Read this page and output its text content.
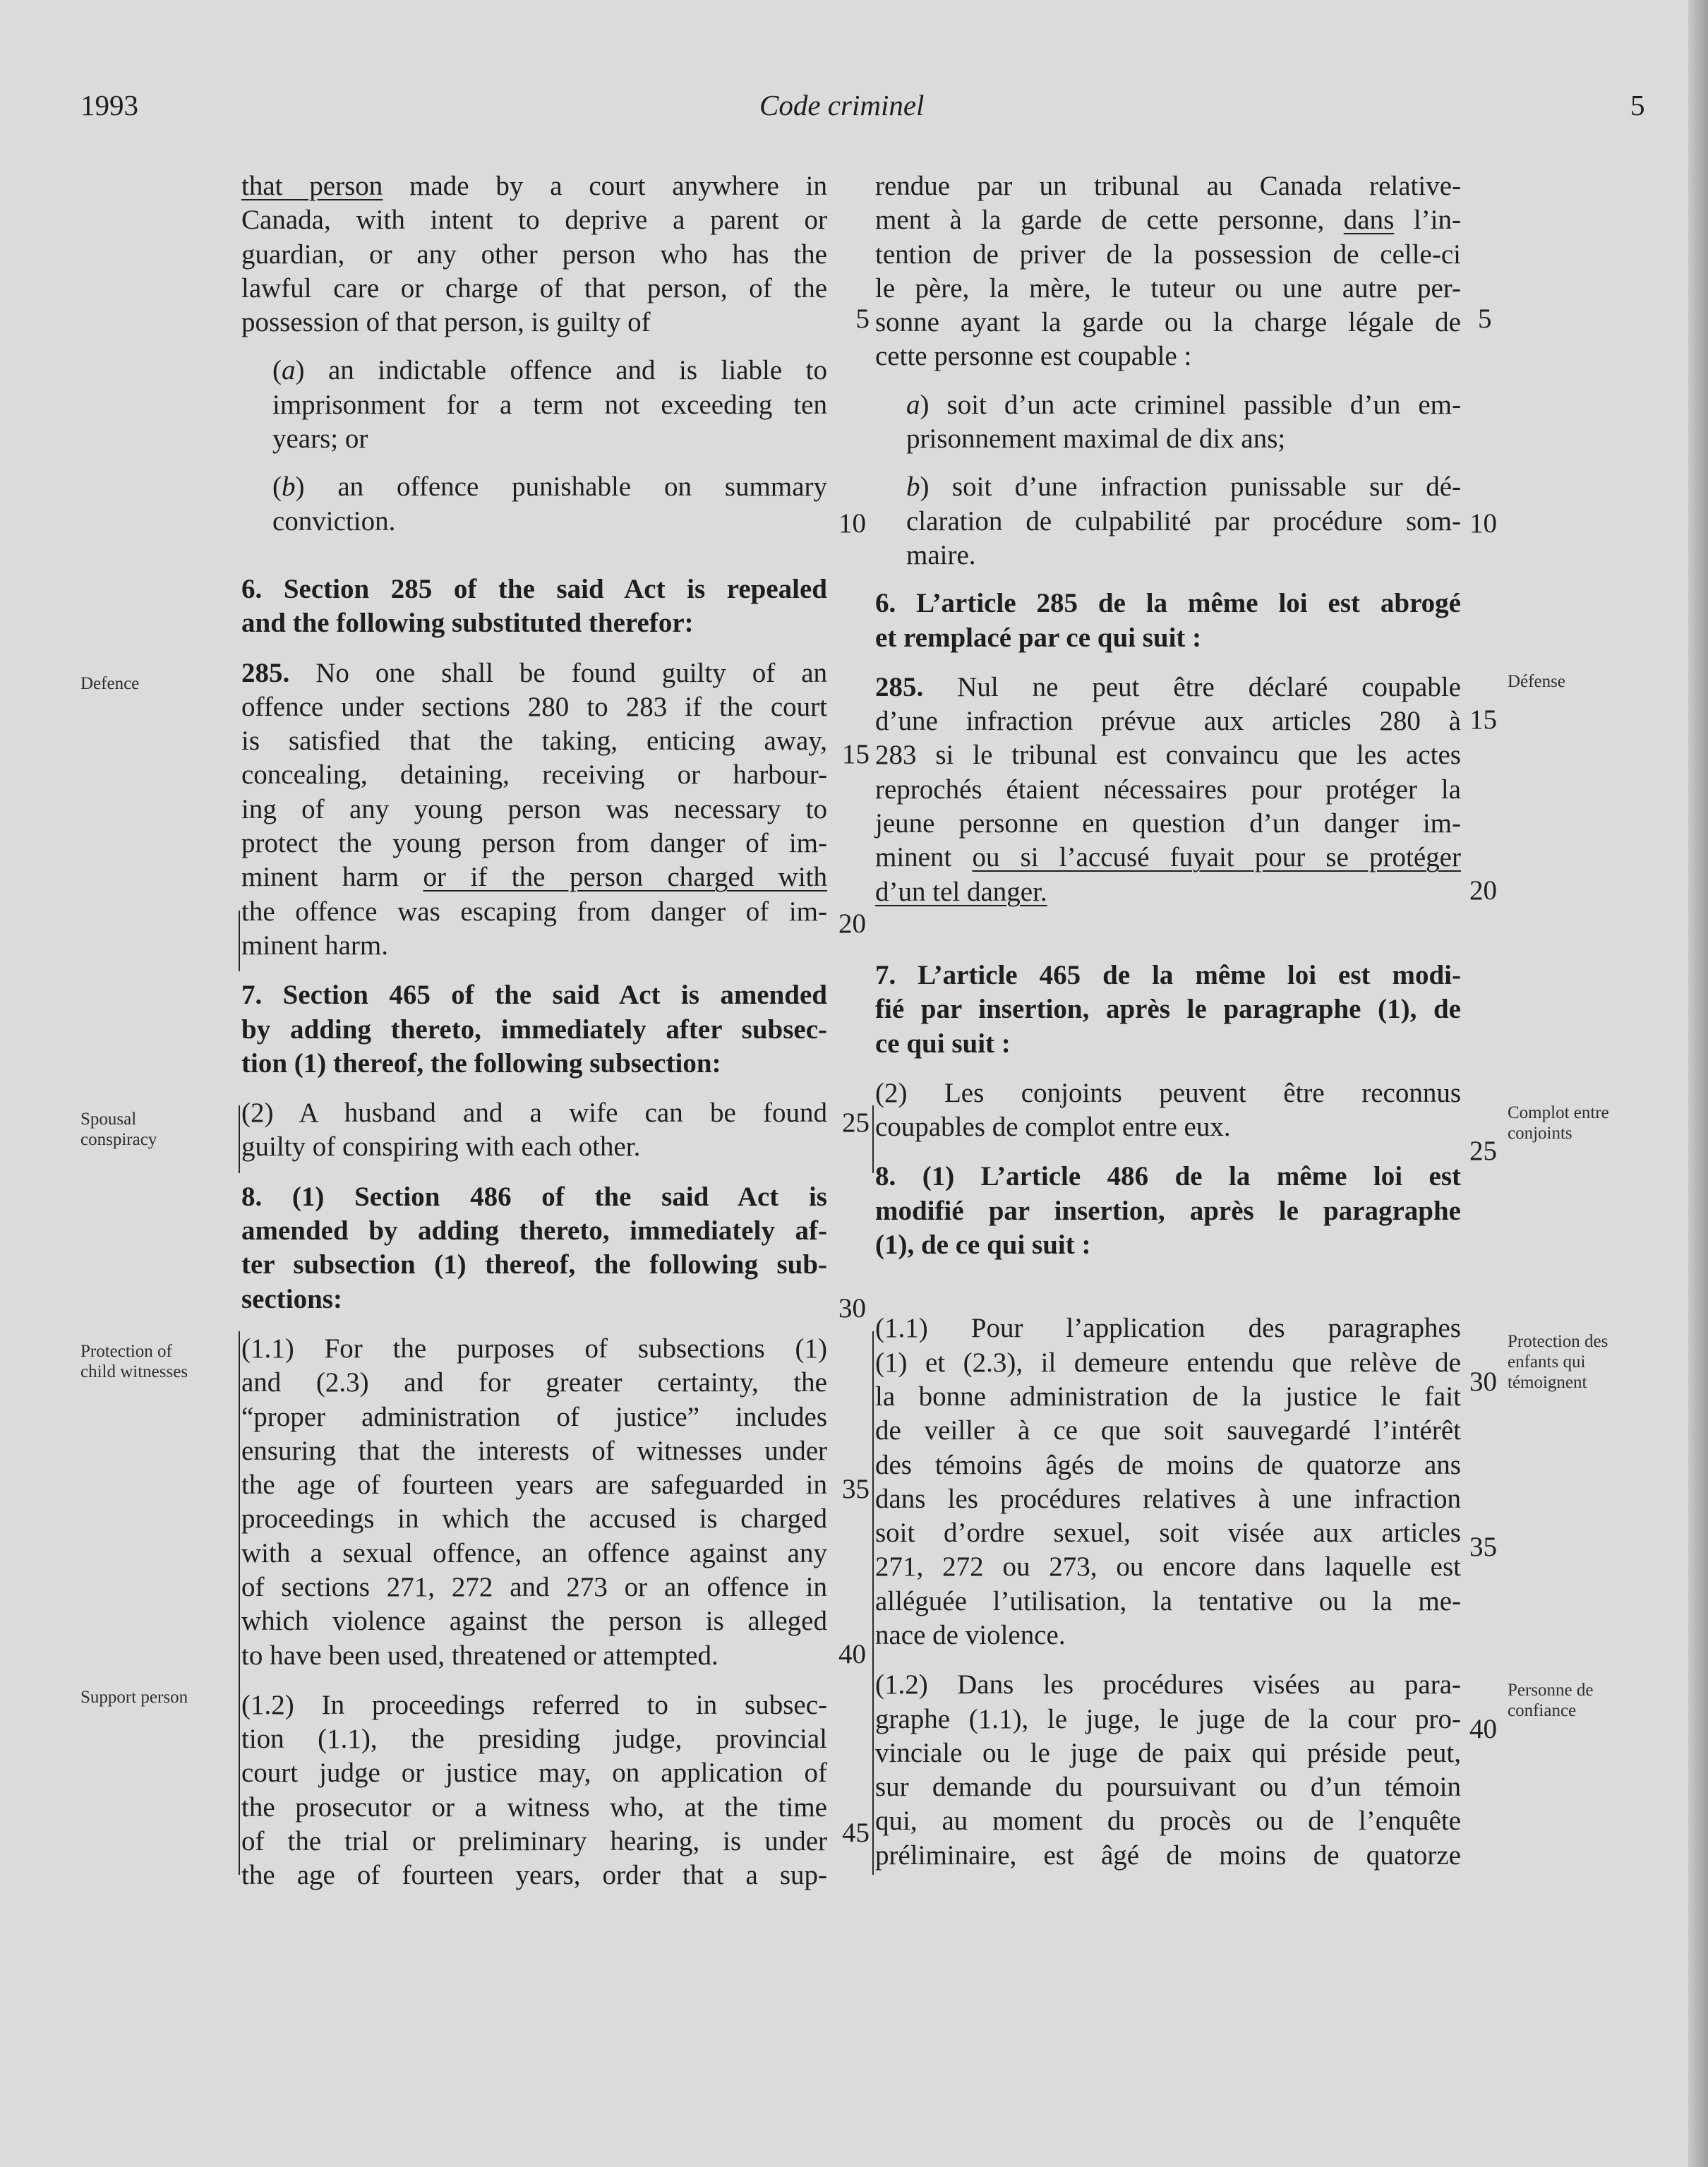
1993	Code criminel	5

Defence
Spousal
conspiracy
Protection of
child witnesses
Support person
Défense
Complot entre
conjoints
Protection des
enfants qui
témoignent
Personne de
confiance
5
10
15
20
25
30
35
40
45
5
10
15
20
25
30
35
40

that person made by a court anywhere in

Canada, with intent to deprive a parent or

guardian, or any other person who has the

lawful care or charge of that person, of the

possession of that person, is guilty of

(a) an indictable offence and is liable to

imprisonment for a term not exceeding ten

years; or

(b) an offence punishable on summary

conviction.

6. Section 285 of the said Act is repealed

and the following substituted therefor:

285. No one shall be found guilty of an

offence under sections 280 to 283 if the court

is satisfied that the taking, enticing away,

concealing, detaining, receiving or harbour-

ing of any young person was necessary to

protect the young person from danger of im-

minent harm or if the person charged with

the offence was escaping from danger of im-

minent harm.

7. Section 465 of the said Act is amended

by adding thereto, immediately after subsec-

tion (1) thereof, the following subsection:

(2) A husband and a wife can be found

guilty of conspiring with each other.

8. (1) Section 486 of the said Act is

amended by adding thereto, immediately af-

ter subsection (1) thereof, the following sub-

sections:

(1.1) For the purposes of subsections (1)

and (2.3) and for greater certainty, the

“proper administration of justice” includes

ensuring that the interests of witnesses under

the age of fourteen years are safeguarded in

proceedings in which the accused is charged

with a sexual offence, an offence against any

of sections 271, 272 and 273 or an offence in

which violence against the person is alleged

to have been used, threatened or attempted.

(1.2) In proceedings referred to in subsec-

tion (1.1), the presiding judge, provincial

court judge or justice may, on application of

the prosecutor or a witness who, at the time

of the trial or preliminary hearing, is under

the age of fourteen years, order that a sup-

rendue par un tribunal au Canada relative-

ment à la garde de cette personne, dans l’in-

tention de priver de la possession de celle-ci

le père, la mère, le tuteur ou une autre per-

sonne ayant la garde ou la charge légale de

cette personne est coupable :

a) soit d’un acte criminel passible d’un em-

prisonnement maximal de dix ans;

b) soit d’une infraction punissable sur dé-

claration de culpabilité par procédure som-

maire.

6. L’article 285 de la même loi est abrogé

et remplacé par ce qui suit :

285. Nul ne peut être déclaré coupable

d’une infraction prévue aux articles 280 à

283 si le tribunal est convaincu que les actes

reprochés étaient nécessaires pour protéger la

jeune personne en question d’un danger im-

minent ou si l’accusé fuyait pour se protéger

d’un tel danger.

7. L’article 465 de la même loi est modi-

fié par insertion, après le paragraphe (1), de

ce qui suit :

(2) Les conjoints peuvent être reconnus

coupables de complot entre eux.

8. (1) L’article 486 de la même loi est

modifié par insertion, après le paragraphe

(1), de ce qui suit :

(1.1) Pour l’application des paragraphes

(1) et (2.3), il demeure entendu que relève de

la bonne administration de la justice le fait

de veiller à ce que soit sauvegardé l’intérêt

des témoins âgés de moins de quatorze ans

dans les procédures relatives à une infraction

soit d’ordre sexuel, soit visée aux articles

271, 272 ou 273, ou encore dans laquelle est

alléguée l’utilisation, la tentative ou la me-

nace de violence.

(1.2) Dans les procédures visées au para-

graphe (1.1), le juge, le juge de la cour pro-

vinciale ou le juge de paix qui préside peut,

sur demande du poursuivant ou d’un témoin

qui, au moment du procès ou de l’enquête

préliminaire, est âgé de moins de quatorze
